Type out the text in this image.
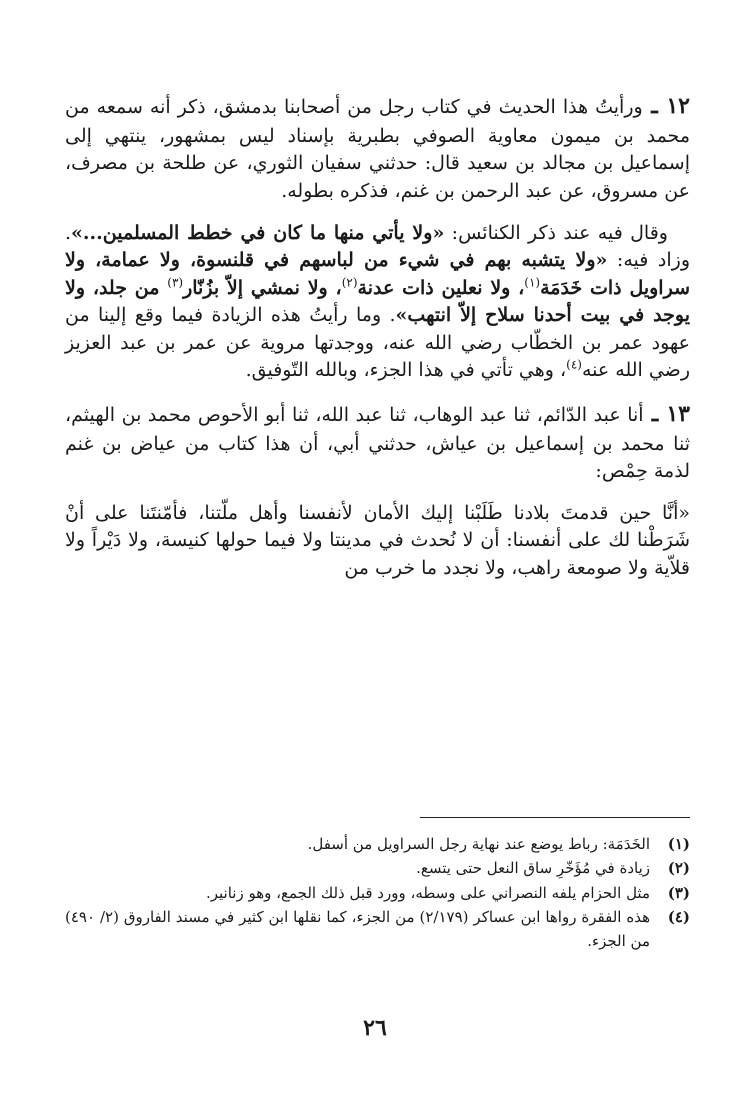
١٢ ـ ورأيتُ هذا الحديث في كتاب رجل من أصحابنا بدمشق، ذكر أنه سمعه من محمد بن ميمون معاوية الصوفي بطبرية بإسناد ليس بمشهور، ينتهي إلى إسماعيل بن مجالد بن سعيد قال: حدثني سفيان الثوري، عن طلحة بن مصرف، عن مسروق، عن عبد الرحمن بن غنم، فذكره بطوله.

وقال فيه عند ذكر الكنائس: «ولا يأتي منها ما كان في خطط المسلمين...». وزاد فيه: «ولا يتشبه بهم في شيء من لباسهم في قلنسوة، ولا عمامة، ولا سراويل ذات خَدَمَة$^{(١)}$، ولا نعلين ذات عدنة$^{(٢)}$، ولا نمشي إلاّ بزُنّار$^{(٣)}$ من جلد، ولا يوجد في بيت أحدنا سلاح إلاّ انتهب». وما رأيتُ هذه الزيادة فيما وقع إلينا من عهود عمر بن الخطّاب رضي الله عنه، ووجدتها مروية عن عمر بن عبد العزيز رضي الله عنه$^{(٤)}$، وهي تأتي في هذا الجزء، وبالله التّوفيق.

١٣ ـ أنا عبد الدّائم، ثنا عبد الوهاب، ثنا عبد الله، ثنا أبو الأحوص محمد بن الهيثم، ثنا محمد بن إسماعيل بن عياش، حدثني أبي، أن هذا كتاب من عياض بن غنم لذمة حِمْص:

«أنَّا حين قدمتَ بلادنا طَلَبْنا إليك الأمان لأنفسنا وأهل ملّتنا، فأمّنتَنا على أنْ شَرَطْنا لك على أنفسنا: أن لا نُحدث في مدينتا ولا فيما حولها كنيسة، ولا دَيْراً ولا قلاّية ولا صومعة راهب، ولا نجدد ما خرب من

(١)
الخَدَمَة: رباط يوضع عند نهاية رجل السراويل من أسفل.
(٢)
زيادة في مُؤَخّرِ ساق النعل حتى يتسع.
(٣)
مثل الحزام يلفه النصراني على وسطه، وورد قبل ذلك الجمع، وهو زنانير.
(٤)
هذه الفقرة رواها ابن عساكر (٢/١٧٩) من الجزء، كما نقلها ابن كثير في مسند الفاروق (٢/ ٤٩٠) من الجزء.
٢٦
